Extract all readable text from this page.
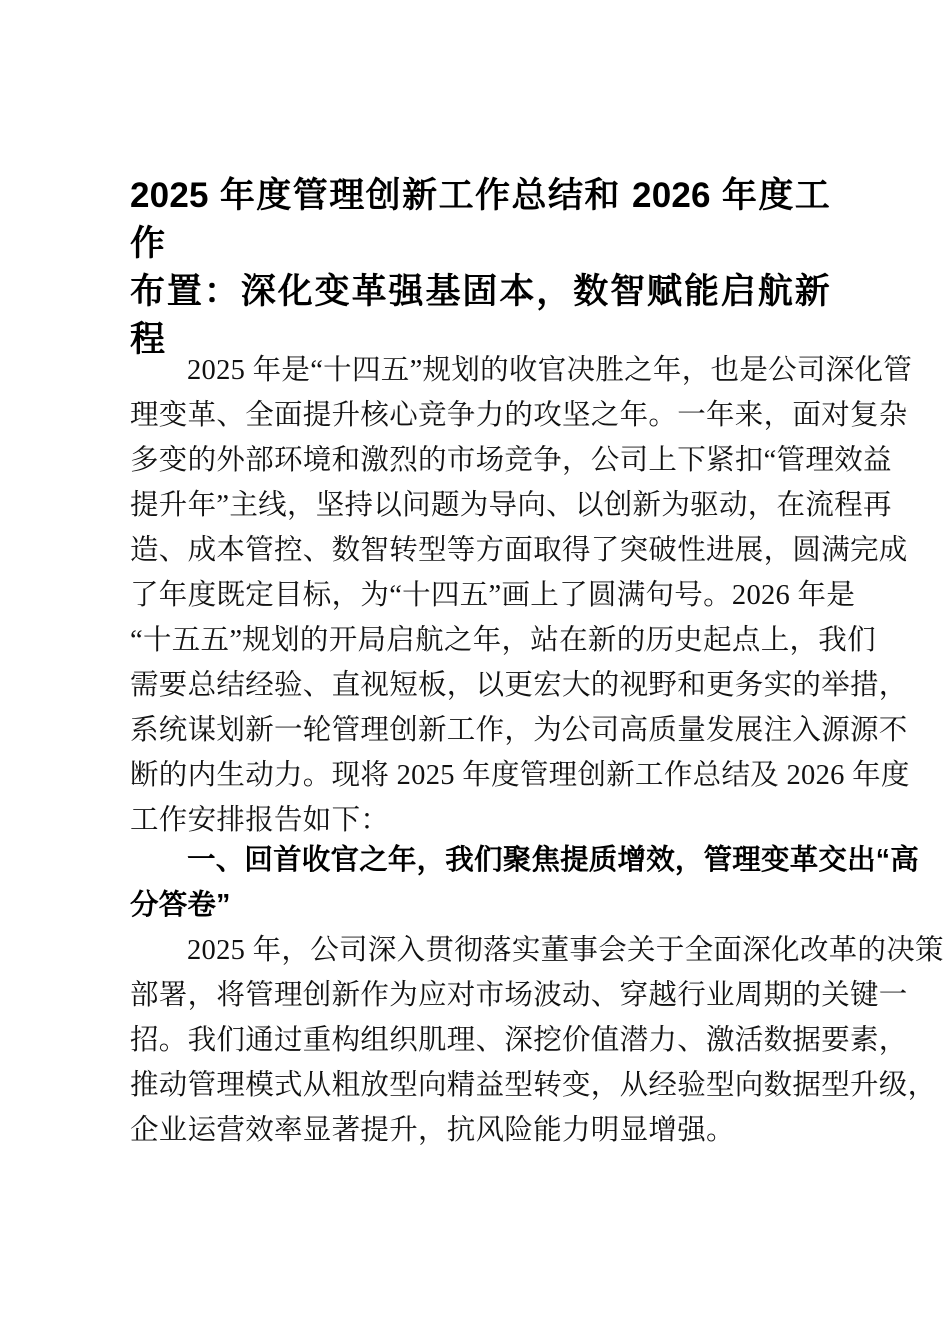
2025 年度管理创新工作总结和 2026 年度工作
布置：深化变革强基固本，数智赋能启航新程

2025 年是“十四五”规划的收官决胜之年，也是公司深化管
理变革、全面提升核心竞争力的攻坚之年。一年来，面对复杂
多变的外部环境和激烈的市场竞争，公司上下紧扣“管理效益
提升年”主线，坚持以问题为导向、以创新为驱动，在流程再
造、成本管控、数智转型等方面取得了突破性进展，圆满完成
了年度既定目标，为“十四五”画上了圆满句号。2026 年是
“十五五”规划的开局启航之年，站在新的历史起点上，我们
需要总结经验、直视短板，以更宏大的视野和更务实的举措，
系统谋划新一轮管理创新工作，为公司高质量发展注入源源不
断的内生动力。现将 2025 年度管理创新工作总结及 2026 年度
工作安排报告如下：

一、回首收官之年，我们聚焦提质增效，管理变革交出“高
分答卷”

2025 年，公司深入贯彻落实董事会关于全面深化改革的决策
部署，将管理创新作为应对市场波动、穿越行业周期的关键一
招。我们通过重构组织肌理、深挖价值潜力、激活数据要素，
推动管理模式从粗放型向精益型转变，从经验型向数据型升级，
企业运营效率显著提升，抗风险能力明显增强。
